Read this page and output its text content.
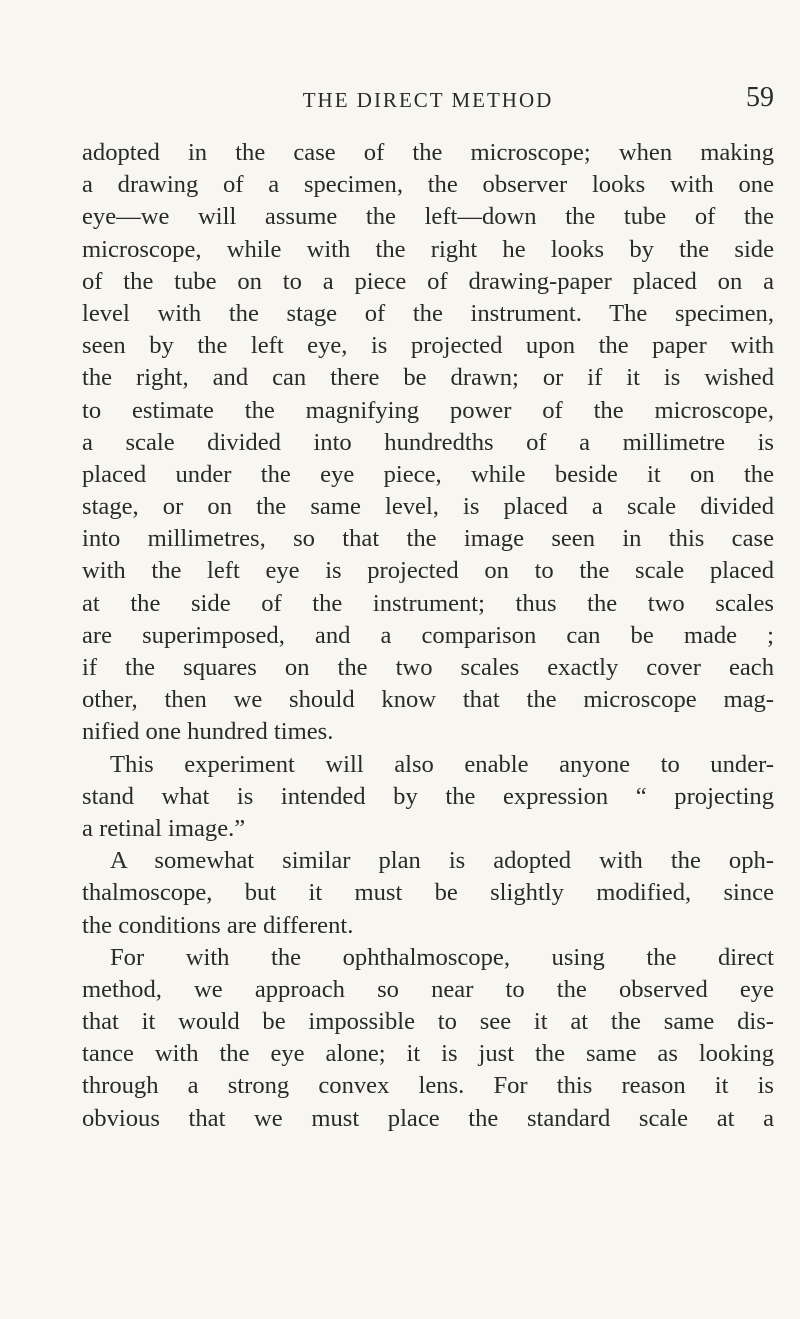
THE DIRECT METHOD	59
adopted in the case of the microscope; when making
a drawing of a specimen, the observer looks with one
eye—we will assume the left—down the tube of the
microscope, while with the right he looks by the side
of the tube on to a piece of drawing-paper placed on a
level with the stage of the instrument. The specimen,
seen by the left eye, is projected upon the paper with
the right, and can there be drawn; or if it is wished
to estimate the magnifying power of the microscope,
a scale divided into hundredths of a millimetre is
placed under the eye piece, while beside it on the
stage, or on the same level, is placed a scale divided
into millimetres, so that the image seen in this case
with the left eye is projected on to the scale placed
at the side of the instrument; thus the two scales
are superimposed, and a comparison can be made ;
if the squares on the two scales exactly cover each
other, then we should know that the microscope mag-
nified one hundred times.
This experiment will also enable anyone to under-
stand what is intended by the expression “ projecting
a retinal image.”
A somewhat similar plan is adopted with the oph-
thalmoscope, but it must be slightly modified, since
the conditions are different.
For with the ophthalmoscope, using the direct
method, we approach so near to the observed eye
that it would be impossible to see it at the same dis-
tance with the eye alone; it is just the same as looking
through a strong convex lens. For this reason it is
obvious that we must place the standard scale at a
